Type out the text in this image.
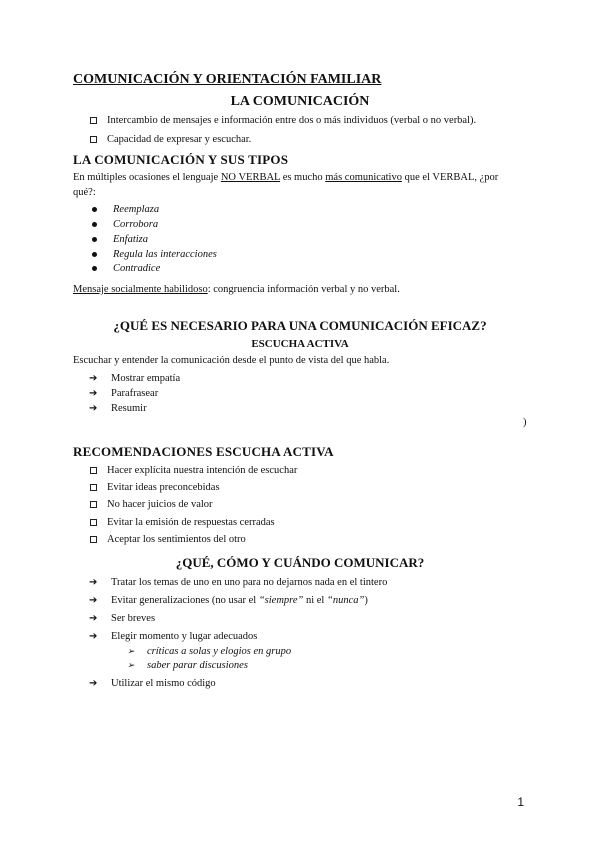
COMUNICACIÓN Y ORIENTACIÓN FAMILIAR
LA COMUNICACIÓN
Intercambio de mensajes e información entre dos o más individuos (verbal o no verbal).
Capacidad de expresar y escuchar.
LA COMUNICACIÓN Y SUS TIPOS
En múltiples ocasiones el lenguaje NO VERBAL es mucho más comunicativo que el VERBAL, ¿por
qué?:
Reemplaza
Corrobora
Enfatiza
Regula las interacciones
Contradice
Mensaje socialmente habilidoso: congruencia información verbal y no verbal.
¿QUÉ ES NECESARIO PARA UNA COMUNICACIÓN EFICAZ?
ESCUCHA ACTIVA
Escuchar y entender la comunicación desde el punto de vista del que habla.
➔	Mostrar empatía
➔	Parafrasear
➔	Resumir
)
RECOMENDACIONES ESCUCHA ACTIVA
Hacer explícita nuestra intención de escuchar
Evitar ideas preconcebidas
No hacer juicios de valor
Evitar la emisión de respuestas cerradas
Aceptar los sentimientos del otro
¿QUÉ, CÓMO Y CUÁNDO COMUNICAR?
➔	Tratar los temas de uno en uno para no dejarnos nada en el tintero
➔	Evitar generalizaciones (no usar el “siempre” ni el “nunca”)
➔	Ser breves
➔	Elegir momento y lugar adecuados
➢	críticas a solas y elogios en grupo
➢	saber parar discusiones
➔	Utilizar el mismo código
1
